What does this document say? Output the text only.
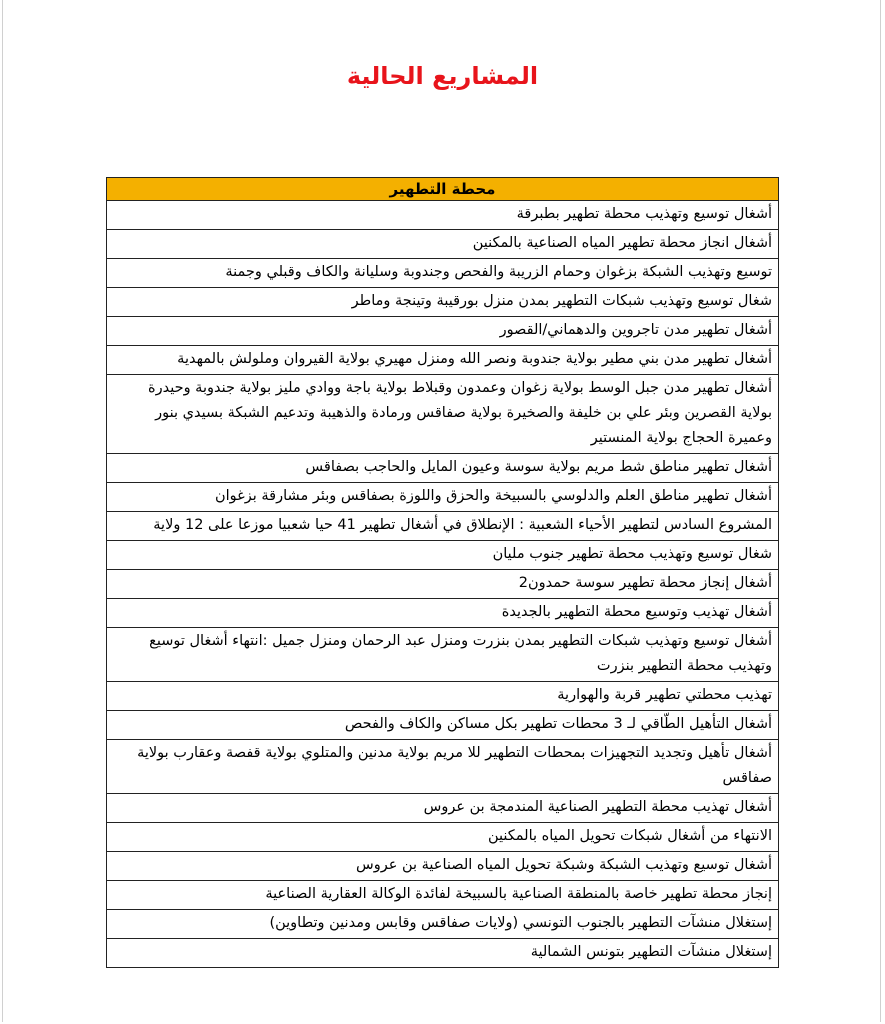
المشاريع الحالية
محطة التطهير
أشغال توسيع وتهذيب محطة تطهير بطبرقة
أشغال انجاز محطة تطهير المياه الصناعية بالمكنين
توسيع وتهذيب الشبكة بزغوان وحمام الزريبة والفحص وجندوبة وسليانة والكاف وقبلي وجمنة
شغال توسيع وتهذيب شبكات التطهير بمدن منزل بورقيبة وتينجة وماطر
أشغال تطهير مدن تاجروين والدهماني/القصور
أشغال تطهير مدن بني مطير بولاية جندوبة ونصر الله ومنزل مهيري بولاية القيروان وملولش بالمهدية
أشغال تطهير مدن جبل الوسط بولاية زغوان وعمدون وقبلاط بولاية باجة ووادي مليز بولاية جندوبة وحيدرة بولاية القصرين وبئر علي بن خليفة والصخيرة بولاية صفاقس ورمادة والذهيبة وتدعيم الشبكة بسيدي بنور وعميرة الحجاج بولاية المنستير
أشغال تطهير مناطق شط مريم بولاية سوسة وعيون المايل والحاجب بصفاقس
أشغال تطهير مناطق العلم والدلوسي بالسبيخة والحزق واللوزة بصفاقس وبئر مشارقة بزغوان
المشروع السادس لتطهير الأحياء الشعبية : الإنطلاق في أشغال تطهير 41 حيا شعبيا موزعا على 12 ولاية
شغال توسيع وتهذيب محطة تطهير جنوب مليان
أشغال إنجاز محطة تطهير سوسة حمدون2
أشغال تهذيب وتوسيع محطة التطهير بالجديدة
أشغال توسيع وتهذيب شبكات التطهير بمدن بنزرت ومنزل عبد الرحمان ومنزل جميل :انتهاء أشغال توسيع وتهذيب محطة التطهير بنزرت
تهذيب محطتي تطهير قربة والهوارية
أشغال التأهيل الطّاقي لـ 3 محطات تطهير بكل مساكن والكاف والفحص
أشغال تأهيل وتجديد التجهيزات بمحطات التطهير للا مريم بولاية مدنين والمتلوي بولاية قفصة وعقارب بولاية صفاقس
أشغال تهذيب محطة التطهير الصناعية المندمجة بن عروس
الانتهاء من أشغال شبكات تحويل المياه بالمكنين
أشغال توسيع وتهذيب الشبكة وشبكة تحويل المياه الصناعية بن عروس
إنجاز محطة تطهير خاصة بالمنطقة الصناعية بالسبيخة لفائدة الوكالة العقارية الصناعية
إستغلال منشآت التطهير بالجنوب التونسي (ولايات صفاقس وقابس ومدنين وتطاوين)
إستغلال منشآت التطهير بتونس الشمالية
